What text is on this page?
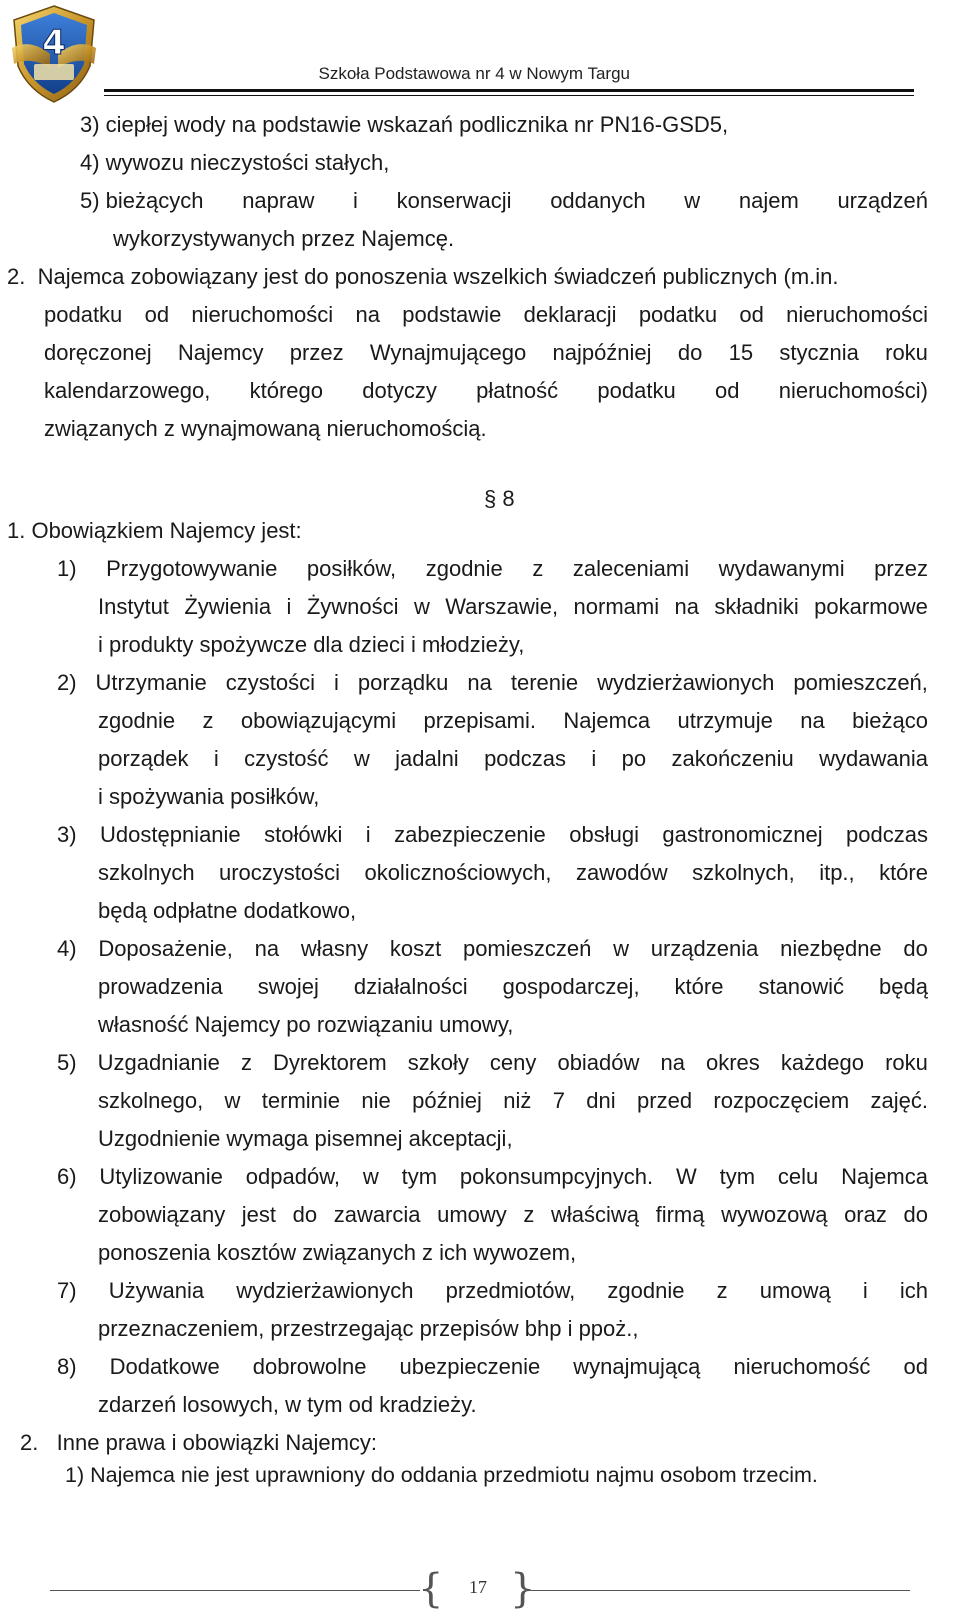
4
Szkoła Podstawowa nr 4 w Nowym Targu
3) ciepłej wody na podstawie wskazań podlicznika nr PN16-GSD5,
4) wywozu nieczystości stałych,
5) bieżących napraw i konserwacji oddanych w najem urządzeń
wykorzystywanych przez Najemcę.
2.  Najemca zobowiązany jest do ponoszenia wszelkich świadczeń publicznych (m.in.
podatku od nieruchomości na podstawie deklaracji podatku od nieruchomości
doręczonej Najemcy przez Wynajmującego najpóźniej do 15 stycznia roku
kalendarzowego, którego dotyczy płatność podatku od nieruchomości)
związanych z wynajmowaną nieruchomością.
§ 8
1. Obowiązkiem Najemcy jest:
1) Przygotowywanie posiłków, zgodnie z zaleceniami wydawanymi przez
Instytut Żywienia i Żywności w Warszawie, normami na składniki pokarmowe
i produkty spożywcze dla dzieci i młodzieży,
2) Utrzymanie czystości i porządku na terenie wydzierżawionych pomieszczeń,
zgodnie z obowiązującymi przepisami. Najemca utrzymuje na bieżąco
porządek i czystość w jadalni podczas i po zakończeniu wydawania
i spożywania posiłków,
3) Udostępnianie stołówki i zabezpieczenie obsługi gastronomicznej podczas
szkolnych uroczystości okolicznościowych, zawodów szkolnych, itp., które
będą odpłatne dodatkowo,
4) Doposażenie, na własny koszt pomieszczeń w urządzenia niezbędne do
prowadzenia swojej działalności gospodarczej, które stanowić będą
własność Najemcy po rozwiązaniu umowy,
5) Uzgadnianie z Dyrektorem szkoły ceny obiadów na okres każdego roku
szkolnego, w terminie nie później niż 7 dni przed rozpoczęciem zajęć.
Uzgodnienie wymaga pisemnej akceptacji,
6) Utylizowanie odpadów, w tym pokonsumpcyjnych. W tym celu Najemca
zobowiązany jest do zawarcia umowy z właściwą firmą wywozową oraz do
ponoszenia kosztów związanych z ich wywozem,
7) Używania wydzierżawionych przedmiotów, zgodnie z umową i ich
przeznaczeniem, przestrzegając przepisów bhp i ppoż.,
8) Dodatkowe dobrowolne ubezpieczenie wynajmującą nieruchomość od
zdarzeń losowych, w tym od kradzieży.
2.   Inne prawa i obowiązki Najemcy:
1) Najemca nie jest uprawniony do oddania przedmiotu najmu osobom trzecim.
{	17 }
